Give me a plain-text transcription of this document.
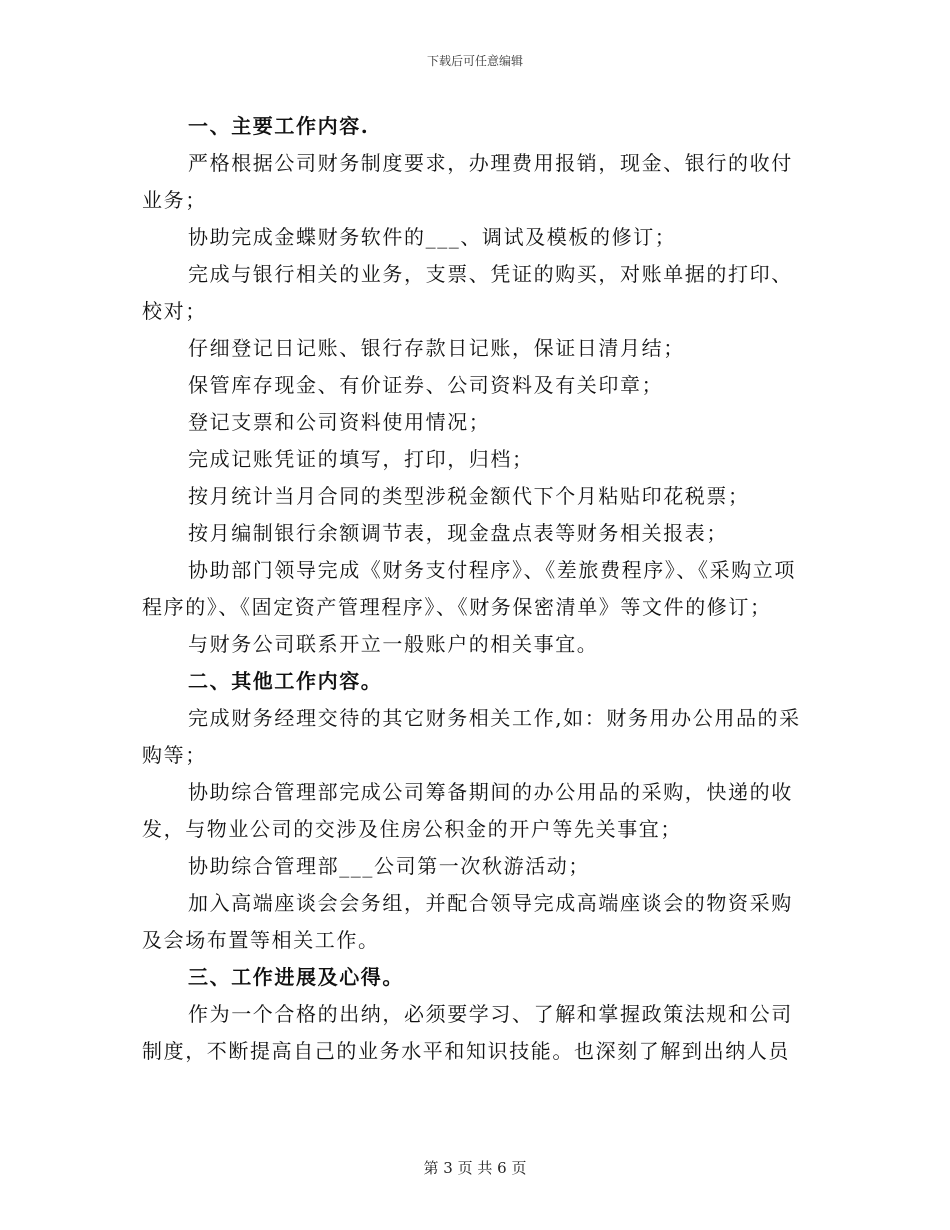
下载后可任意编辑

一、主要工作内容.

严格根据公司财务制度要求，办理费用报销，现金、银行的收付业务；

协助完成金蝶财务软件的___、调试及模板的修订；

完成与银行相关的业务，支票、凭证的购买，对账单据的打印、校对；

仔细登记日记账、银行存款日记账，保证日清月结；

保管库存现金、有价证券、公司资料及有关印章；

登记支票和公司资料使用情况；

完成记账凭证的填写，打印，归档；

按月统计当月合同的类型涉税金额代下个月粘贴印花税票；

按月编制银行余额调节表，现金盘点表等财务相关报表；

协助部门领导完成《财务支付程序》、《差旅费程序》、《采购立项程序的》、《固定资产管理程序》、《财务保密清单》等文件的修订；

与财务公司联系开立一般账户的相关事宜。

二、其他工作内容。

完成财务经理交待的其它财务相关工作,如：财务用办公用品的采购等；

协助综合管理部完成公司筹备期间的办公用品的采购，快递的收发，与物业公司的交涉及住房公积金的开户等先关事宜；

协助综合管理部___公司第一次秋游活动；

加入高端座谈会会务组，并配合领导完成高端座谈会的物资采购及会场布置等相关工作。

三、工作进展及心得。

作为一个合格的出纳，必须要学习、了解和掌握政策法规和公司制度，不断提高自己的业务水平和知识技能。也深刻了解到出纳人员

第 3 页 共 6 页
